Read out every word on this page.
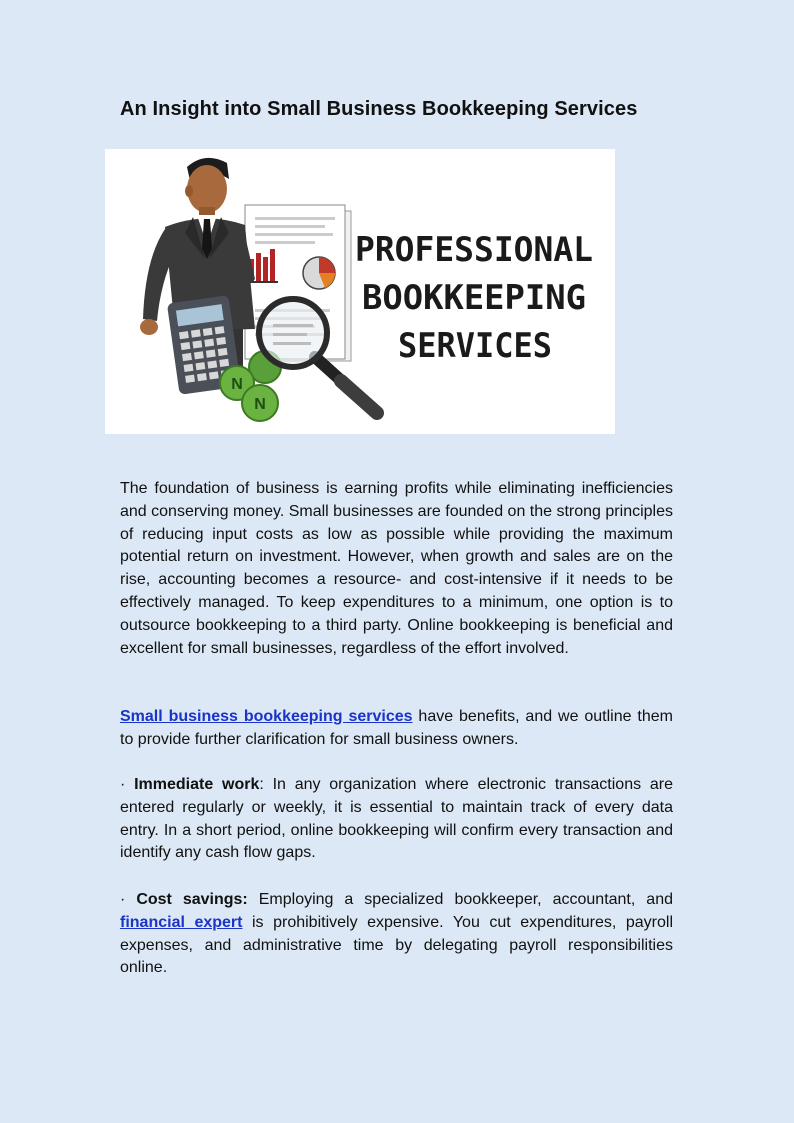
An Insight into Small Business Bookkeeping Services
N
N
PROFESSIONAL
BOOKKEEPING
SERVICES

The foundation of business is earning profits while eliminating inefficiencies and conserving money. Small businesses are founded on the strong principles of reducing input costs as low as possible while providing the maximum potential return on investment. However, when growth and sales are on the rise, accounting becomes a resource- and cost-intensive if it needs to be effectively managed. To keep expenditures to a minimum, one option is to outsource bookkeeping to a third party. Online bookkeeping is beneficial and excellent for small businesses, regardless of the effort involved.

Small business bookkeeping services have benefits, and we outline them to provide further clarification for small business owners.

· Immediate work: In any organization where electronic transactions are entered regularly or weekly, it is essential to maintain track of every data entry. In a short period, online bookkeeping will confirm every transaction and identify any cash flow gaps.

· Cost savings: Employing a specialized bookkeeper, accountant, and financial expert is prohibitively expensive. You cut expenditures, payroll expenses, and administrative time by delegating payroll responsibilities online.
